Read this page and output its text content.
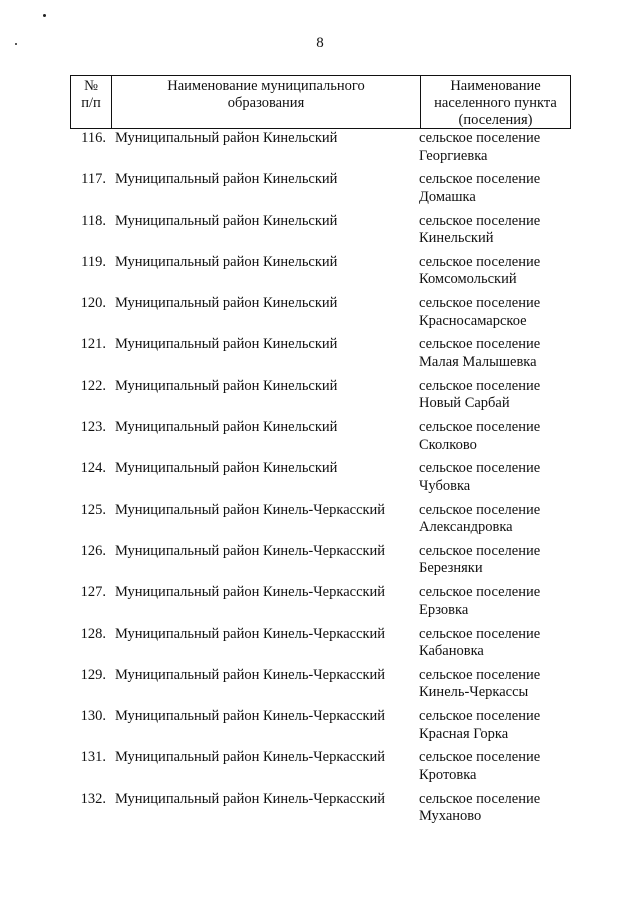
8
№ п/п
Наименование муниципального образования
Наименование населенного пункта (поселения)
116. Муниципальный район Кинельский	сельское поселение
Георгиевка
117. Муниципальный район Кинельский	сельское поселение
Домашка
118. Муниципальный район Кинельский	сельское поселение
Кинельский
119. Муниципальный район Кинельский	сельское поселение
Комсомольский
120. Муниципальный район Кинельский	сельское поселение
Красносамарское
121. Муниципальный район Кинельский	сельское поселение
Малая Малышевка
122. Муниципальный район Кинельский	сельское поселение
Новый Сарбай
123. Муниципальный район Кинельский	сельское поселение
Сколково
124. Муниципальный район Кинельский	сельское поселение
Чубовка
125. Муниципальный район Кинель-Черкасский сельское поселение
Александровка
126. Муниципальный район Кинель-Черкасский сельское поселение
Березняки
127. Муниципальный район Кинель-Черкасский сельское поселение
Ерзовка
128. Муниципальный район Кинель-Черкасский сельское поселение
Кабановка
129. Муниципальный район Кинель-Черкасский сельское поселение
Кинель-Черкассы
130. Муниципальный район Кинель-Черкасский сельское поселение
Красная Горка
131. Муниципальный район Кинель-Черкасский сельское поселение
Кротовка
132. Муниципальный район Кинель-Черкасский сельское поселение
Муханово
